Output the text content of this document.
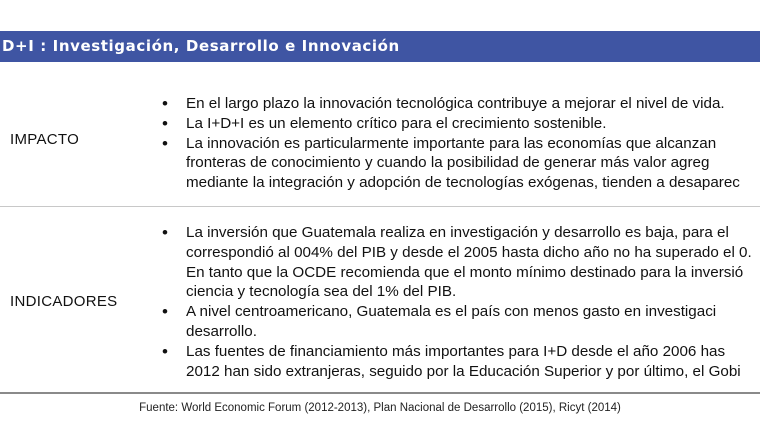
D+I : Investigación, Desarrollo e Innovación
IMPACTO
• En el largo plazo la innovación tecnológica contribuye a mejorar el nivel de vida.
• La I+D+I es un elemento crítico para el crecimiento sostenible.
• La innovación es particularmente importante para las economías que alcanzan
fronteras de conocimiento y cuando la posibilidad de generar más valor agreg
mediante la integración y adopción de tecnologías exógenas, tienden a desaparec
INDICADORES
• La inversión que Guatemala realiza en investigación y desarrollo es baja, para el
correspondió al 004% del PIB y desde el 2005 hasta dicho año no ha superado el 0.
En tanto que la OCDE recomienda que el monto mínimo destinado para la inversió
ciencia y tecnología sea del 1% del PIB.
• A nivel centroamericano, Guatemala es el país con menos gasto en investigaci
desarrollo.
• Las fuentes de financiamiento más importantes para I+D desde el año 2006 has
2012 han sido extranjeras, seguido por la Educación Superior y por último, el Gobi
Fuente: World Economic Forum (2012-2013), Plan Nacional de Desarrollo (2015), Ricyt (2014)
